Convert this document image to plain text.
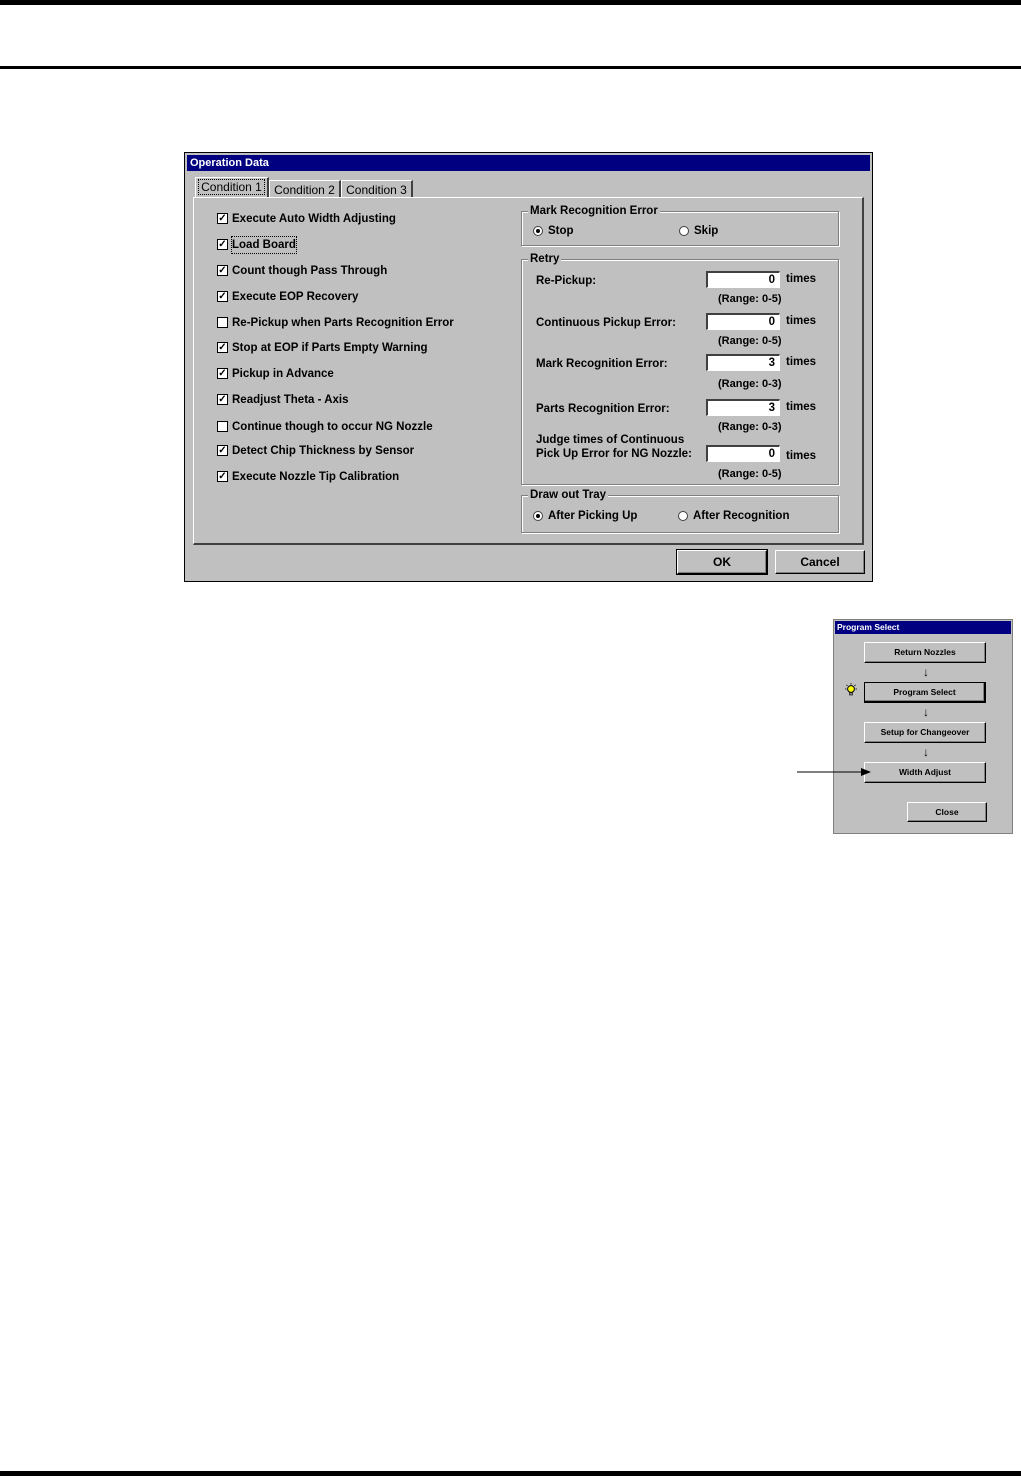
Operation Data
Condition 1	Condition 2 Condition 3
✓ Execute Auto Width Adjusting
✓ Load Board
✓ Count though Pass Through
✓ Execute EOP Recovery
Re-Pickup when Parts Recognition Error
✓ Stop at EOP if Parts Empty Warning
✓ Pickup in Advance
✓ Readjust Theta - Axis
Continue though to occur NG Nozzle
✓ Detect Chip Thickness by Sensor
✓ Execute Nozzle Tip Calibration
Mark Recognition Error
Stop	Skip
Retry
Re-Pickup:
0	times
(Range: 0-5)
Continuous Pickup Error:
0	times
(Range: 0-5)
Mark Recognition Error:
3	times
(Range: 0-3)
Parts Recognition Error:
3	times
(Range: 0-3)
Judge times of Continuous
Pick Up Error for NG Nozzle:
0	times
(Range: 0-5)
Draw out Tray
After Picking Up	After Recognition
OK	Cancel
Program Select
Return Nozzles
↓
Program Select
↓
Setup for Changeover
↓
Width Adjust
Close
